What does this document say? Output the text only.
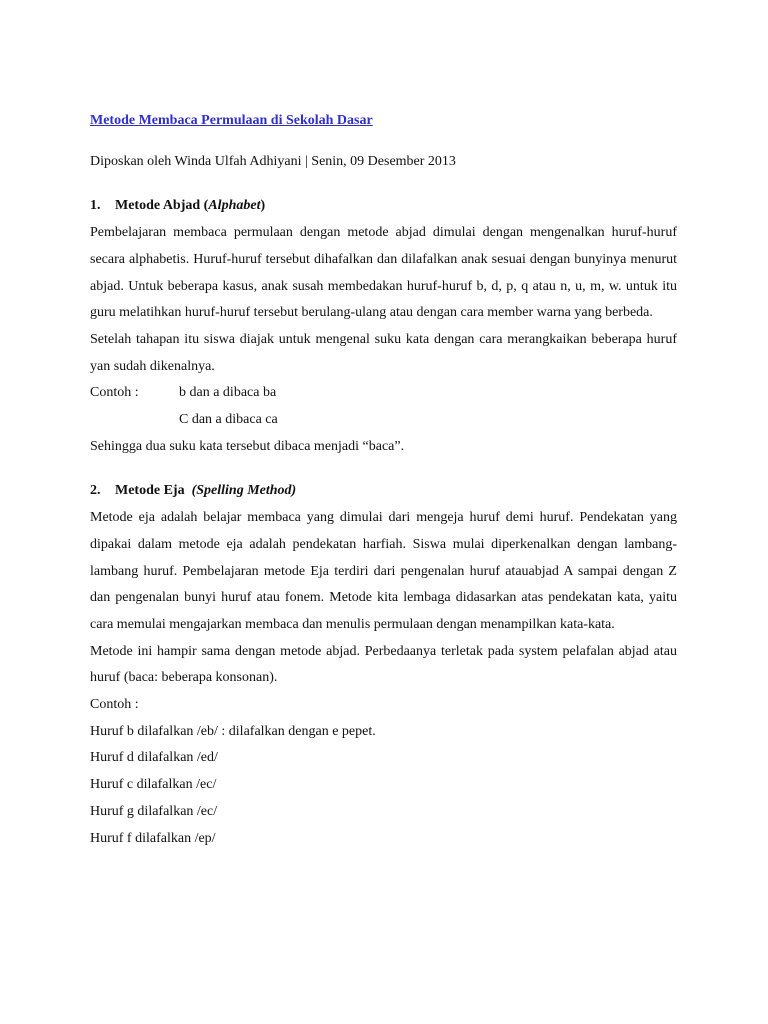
Metode Membaca Permulaan di Sekolah Dasar

Diposkan oleh Winda Ulfah Adhiyani | Senin, 09 Desember 2013

1. Metode Abjad (Alphabet)

Pembelajaran membaca permulaan dengan metode abjad dimulai dengan mengenalkan huruf-huruf secara alphabetis. Huruf-huruf tersebut dihafalkan dan dilafalkan anak sesuai dengan bunyinya menurut abjad. Untuk beberapa kasus, anak susah membedakan huruf-huruf b, d, p, q atau n, u, m, w. untuk itu guru melatihkan huruf-huruf tersebut berulang-ulang atau dengan cara member warna yang berbeda.

Setelah tahapan itu siswa diajak untuk mengenal suku kata dengan cara merangkaikan beberapa huruf yan sudah dikenalnya.

Contoh :	b dan a dibaca ba
C dan a dibaca ca

Sehingga dua suku kata tersebut dibaca menjadi “baca”.

2. Metode Eja (Spelling Method)

Metode eja adalah belajar membaca yang dimulai dari mengeja huruf demi huruf. Pendekatan yang dipakai dalam metode eja adalah pendekatan harfiah. Siswa mulai diperkenalkan dengan lambang-lambang huruf. Pembelajaran metode Eja terdiri dari pengenalan huruf atauabjad A sampai dengan Z dan pengenalan bunyi huruf atau fonem. Metode kita lembaga didasarkan atas pendekatan kata, yaitu cara memulai mengajarkan membaca dan menulis permulaan dengan menampilkan kata-kata.

Metode ini hampir sama dengan metode abjad. Perbedaanya terletak pada system pelafalan abjad atau huruf (baca: beberapa konsonan).

Contoh :

Huruf b dilafalkan /eb/ : dilafalkan dengan e pepet.

Huruf d dilafalkan /ed/

Huruf c dilafalkan /ec/

Huruf g dilafalkan /ec/

Huruf f dilafalkan /ep/
